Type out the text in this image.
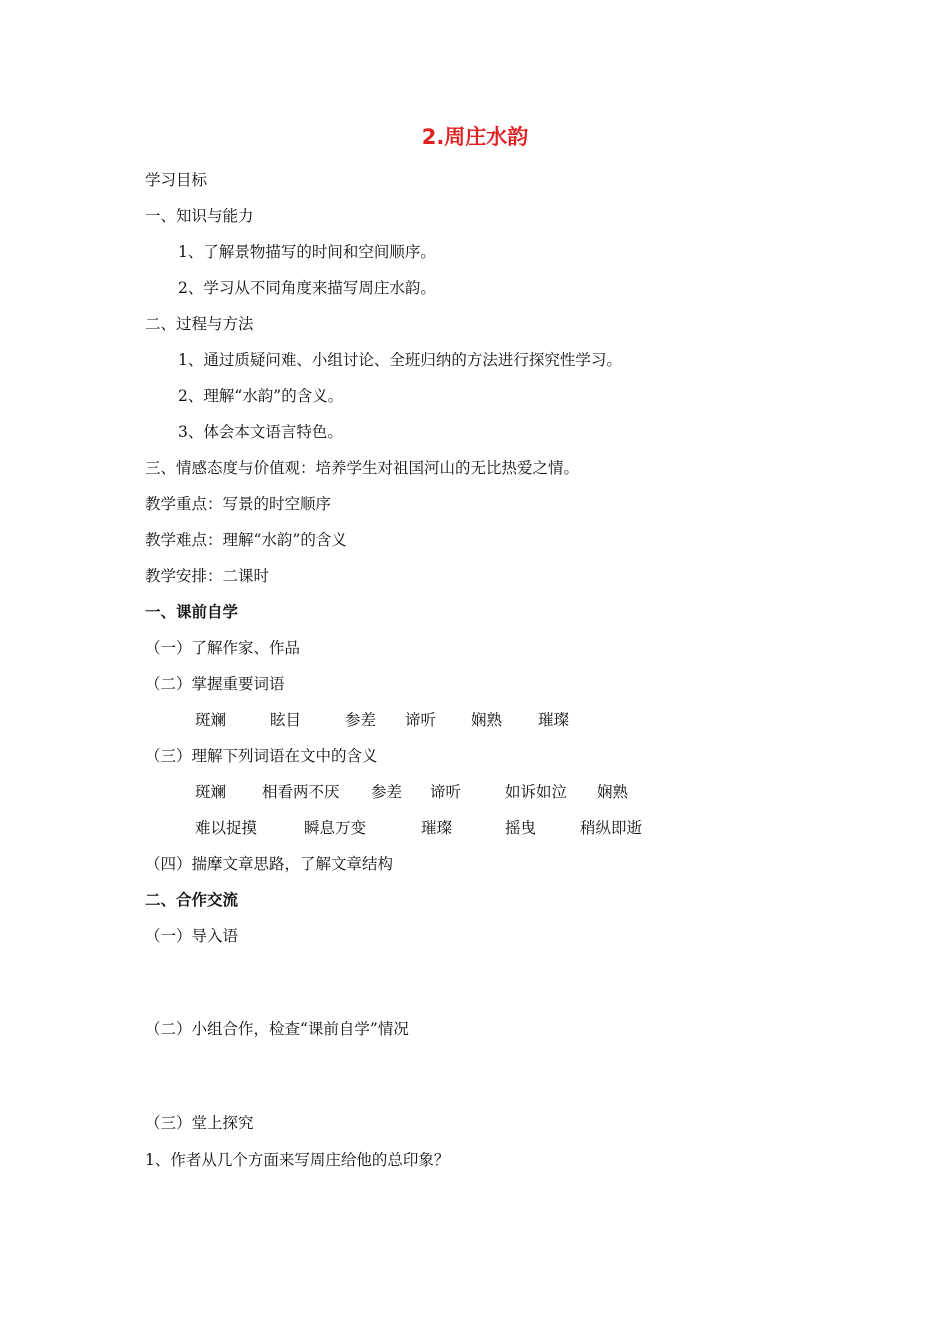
2.周庄水韵
学习目标
一、知识与能力
1、了解景物描写的时间和空间顺序。
2、学习从不同角度来描写周庄水韵。
二、过程与方法
1、通过质疑问难、小组讨论、全班归纳的方法进行探究性学习。
2、理解“水韵”的含义。
3、体会本文语言特色。
三、情感态度与价值观：培养学生对祖国河山的无比热爱之情。
教学重点：写景的时空顺序
教学难点：理解“水韵”的含义
教学安排：二课时
一、课前自学
（一）了解作家、作品
（二）掌握重要词语
斑斓	眩目	参差 谛听 娴熟 璀璨
（三）理解下列词语在文中的含义
斑斓 相看两不厌 参差 谛听	如诉如泣 娴熟
难以捉摸	瞬息万变	璀璨	摇曳	稍纵即逝
（四）揣摩文章思路，了解文章结构
二、合作交流
（一）导入语
（二）小组合作，检查“课前自学”情况
（三）堂上探究
1、作者从几个方面来写周庄给他的总印象？
